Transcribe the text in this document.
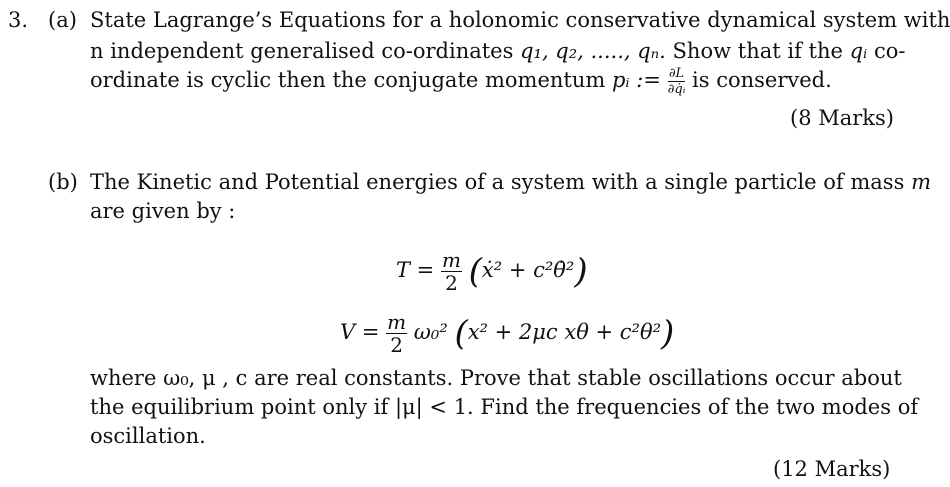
3. (a) State Lagrange’s Equations for a holonomic conservative dynamical system with
n independent generalised co-ordinates q₁, q₂, ....., qₙ. Show that if the qᵢ co-
ordinate is cyclic then the conjugate momentum pᵢ := $\frac{\partial L}{\text{∂q̇ᵢ}}$ is conserved.
(8 Marks)
(b) The Kinetic and Potential energies of a system with a single particle of mass m
are given by :
$T = \frac{m}{2}$ (ẋ² + c²θ̇²)
$V = \frac{m}{2} \omega_0^2$ (x² + 2μc xθ + c²θ²)
where ω₀, μ , c are real constants. Prove that stable oscillations occur about
the equilibrium point only if |μ| < 1. Find the frequencies of the two modes of
oscillation.
(12 Marks)
